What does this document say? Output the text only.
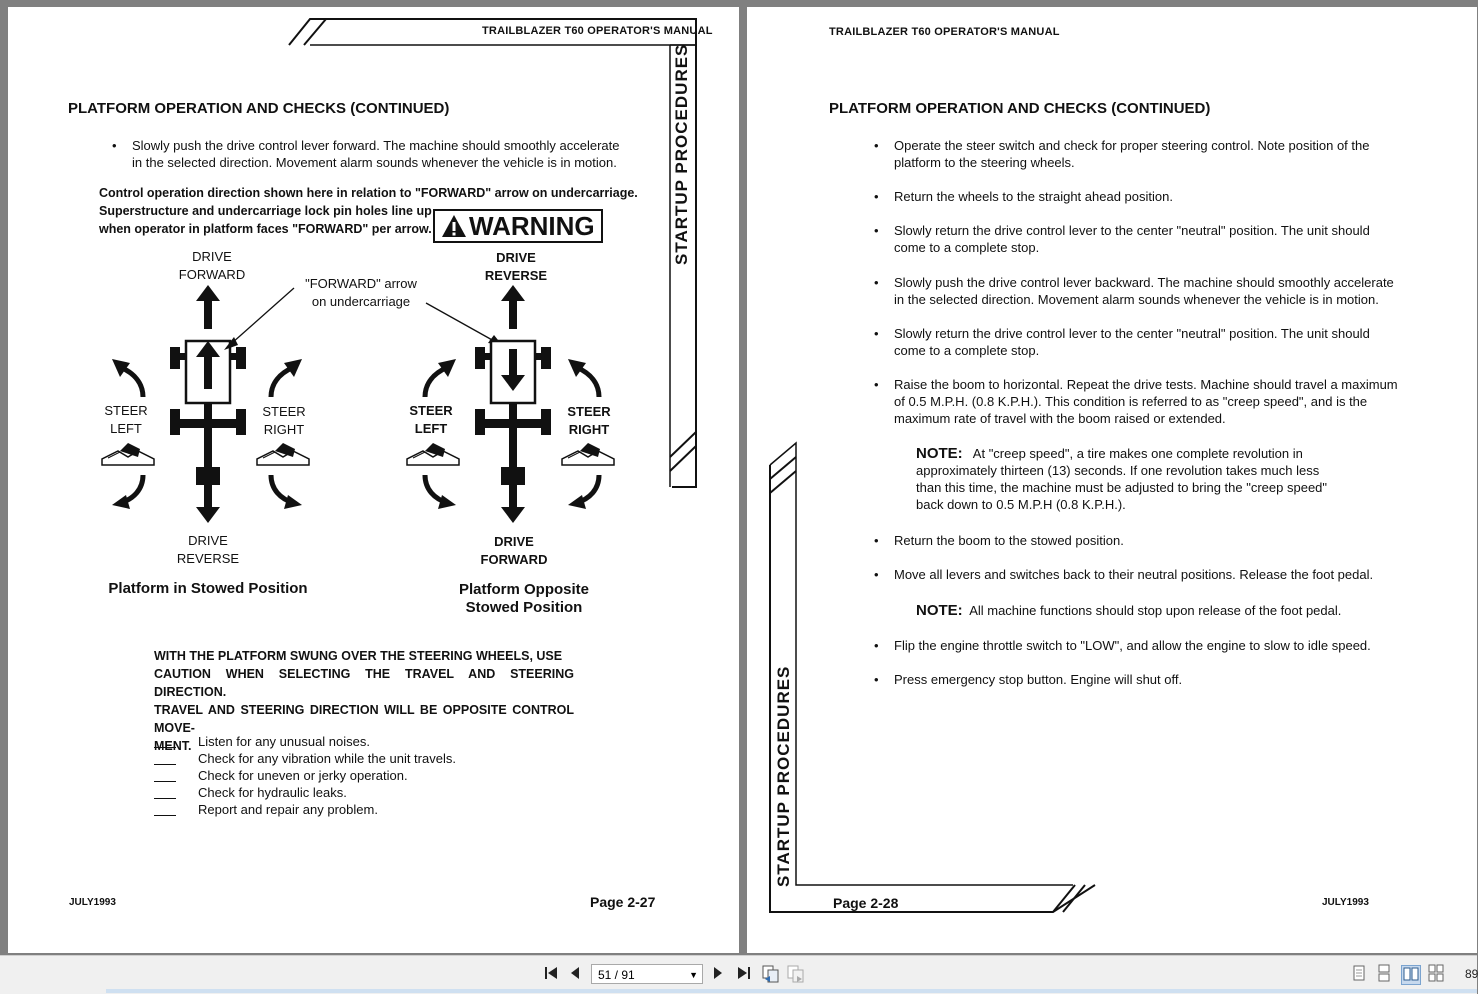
TRAILBLAZER T60 OPERATOR'S MANUAL
STARTUP PROCEDURES
PLATFORM OPERATION AND CHECKS (CONTINUED)
• Slowly push the drive control lever forward. The machine should smoothly accelerate
in the selected direction. Movement alarm sounds whenever the vehicle is in motion.
Control operation direction shown here in relation to "FORWARD" arrow on undercarriage.
Superstructure and undercarriage lock pin holes line up
when operator in platform faces "FORWARD" per arrow.	WARNING
DRIVE
FORWARD
STEER
LEFT
STEER
RIGHT
DRIVE
REVERSE
Platform in Stowed Position
"FORWARD" arrow
on undercarriage
DRIVE
REVERSE
STEER
LEFT
STEER
RIGHT
DRIVE
FORWARD
Platform Opposite
Stowed Position
WITH THE PLATFORM SWUNG OVER THE STEERING WHEELS, USE
CAUTION WHEN SELECTING THE TRAVEL AND STEERING DIRECTION.
TRAVEL AND STEERING DIRECTION WILL BE OPPOSITE CONTROL MOVE-
MENT. Listen for any unusual noises.
Check for any vibration while the unit travels.
Check for uneven or jerky operation.
Check for hydraulic leaks.
Report and repair any problem.
JULY1993	Page 2-27
TRAILBLAZER T60 OPERATOR'S MANUAL
STARTUP PROCEDURES
PLATFORM OPERATION AND CHECKS (CONTINUED)
• Operate the steer switch and check for proper steering control. Note position of the
platform to the steering wheels.
• Return the wheels to the straight ahead position.
• Slowly return the drive control lever to the center "neutral" position. The unit should
come to a complete stop.
• Slowly push the drive control lever backward. The machine should smoothly accelerate
in the selected direction. Movement alarm sounds whenever the vehicle is in motion.
• Slowly return the drive control lever to the center "neutral" position. The unit should
come to a complete stop.
• Raise the boom to horizontal. Repeat the drive tests. Machine should travel a maximum
of 0.5 M.P.H. (0.8 K.P.H.). This condition is referred to as "creep speed", and is the
maximum rate of travel with the boom raised or extended.
NOTE: At "creep speed", a tire makes one complete revolution in
approximately thirteen (13) seconds. If one revolution takes much less
than this time, the machine must be adjusted to bring the "creep speed"
back down to 0.5 M.P.H (0.8 K.P.H.).
• Return the boom to the stowed position.
• Move all levers and switches back to their neutral positions. Release the foot pedal.
NOTE: All machine functions should stop upon release of the foot pedal.
• Flip the engine throttle switch to "LOW", and allow the engine to slow to idle speed.
• Press emergency stop button. Engine will shut off.
Page 2-28	JULY1993
51 / 91	▼	89
